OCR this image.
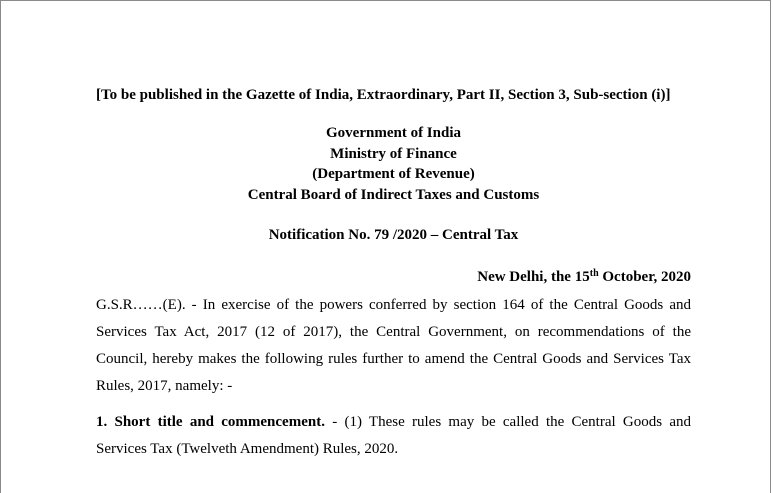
[To be published in the Gazette of India, Extraordinary, Part II, Section 3, Sub-section (i)]

Government of India
Ministry of Finance
(Department of Revenue)
Central Board of Indirect Taxes and Customs
Notification No. 79 /2020 – Central Tax
New Delhi, the 15th October, 2020
G.S.R……(E). - In exercise of the powers conferred by section 164 of the Central Goods and Services Tax Act, 2017 (12 of 2017), the Central Government, on recommendations of the Council, hereby makes the following rules further to amend the Central Goods and Services Tax Rules, 2017, namely: -
1. Short title and commencement. - (1) These rules may be called the Central Goods and Services Tax (Twelveth Amendment) Rules, 2020.
